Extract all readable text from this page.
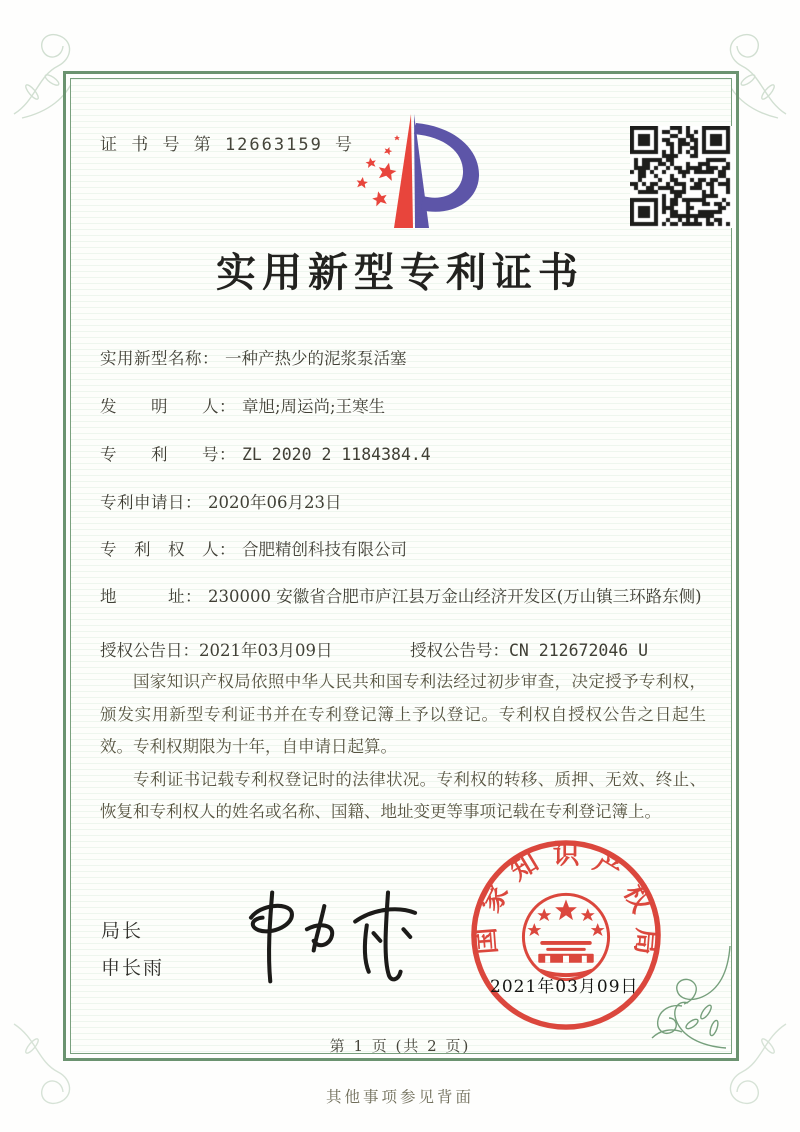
证 书 号 第 12663159 号
实用新型专利证书
实用新型名称： 一种产热少的泥浆泵活塞
发　　明　　人： 章旭;周运尚;王寒生
专　　利　　号： ZL 2020 2 1184384.4
专利申请日： 2020年06月23日
专　利　权　人： 合肥精创科技有限公司
地　　　址： 230000 安徽省合肥市庐江县万金山经济开发区(万山镇三环路东侧)
授权公告日：2021年03月09日	授权公告号：CN 212672046 U

国家知识产权局依照中华人民共和国专利法经过初步审查，决定授予专利权，颁发实用新型专利证书并在专利登记簿上予以登记。专利权自授权公告之日起生效。专利权期限为十年，自申请日起算。

专利证书记载专利权登记时的法律状况。专利权的转移、质押、无效、终止、恢复和专利权人的姓名或名称、国籍、地址变更等事项记载在专利登记簿上。

局长
申长雨
国家知识产权局
2021年03月09日
第 1 页 (共 2 页)
其他事项参见背面
